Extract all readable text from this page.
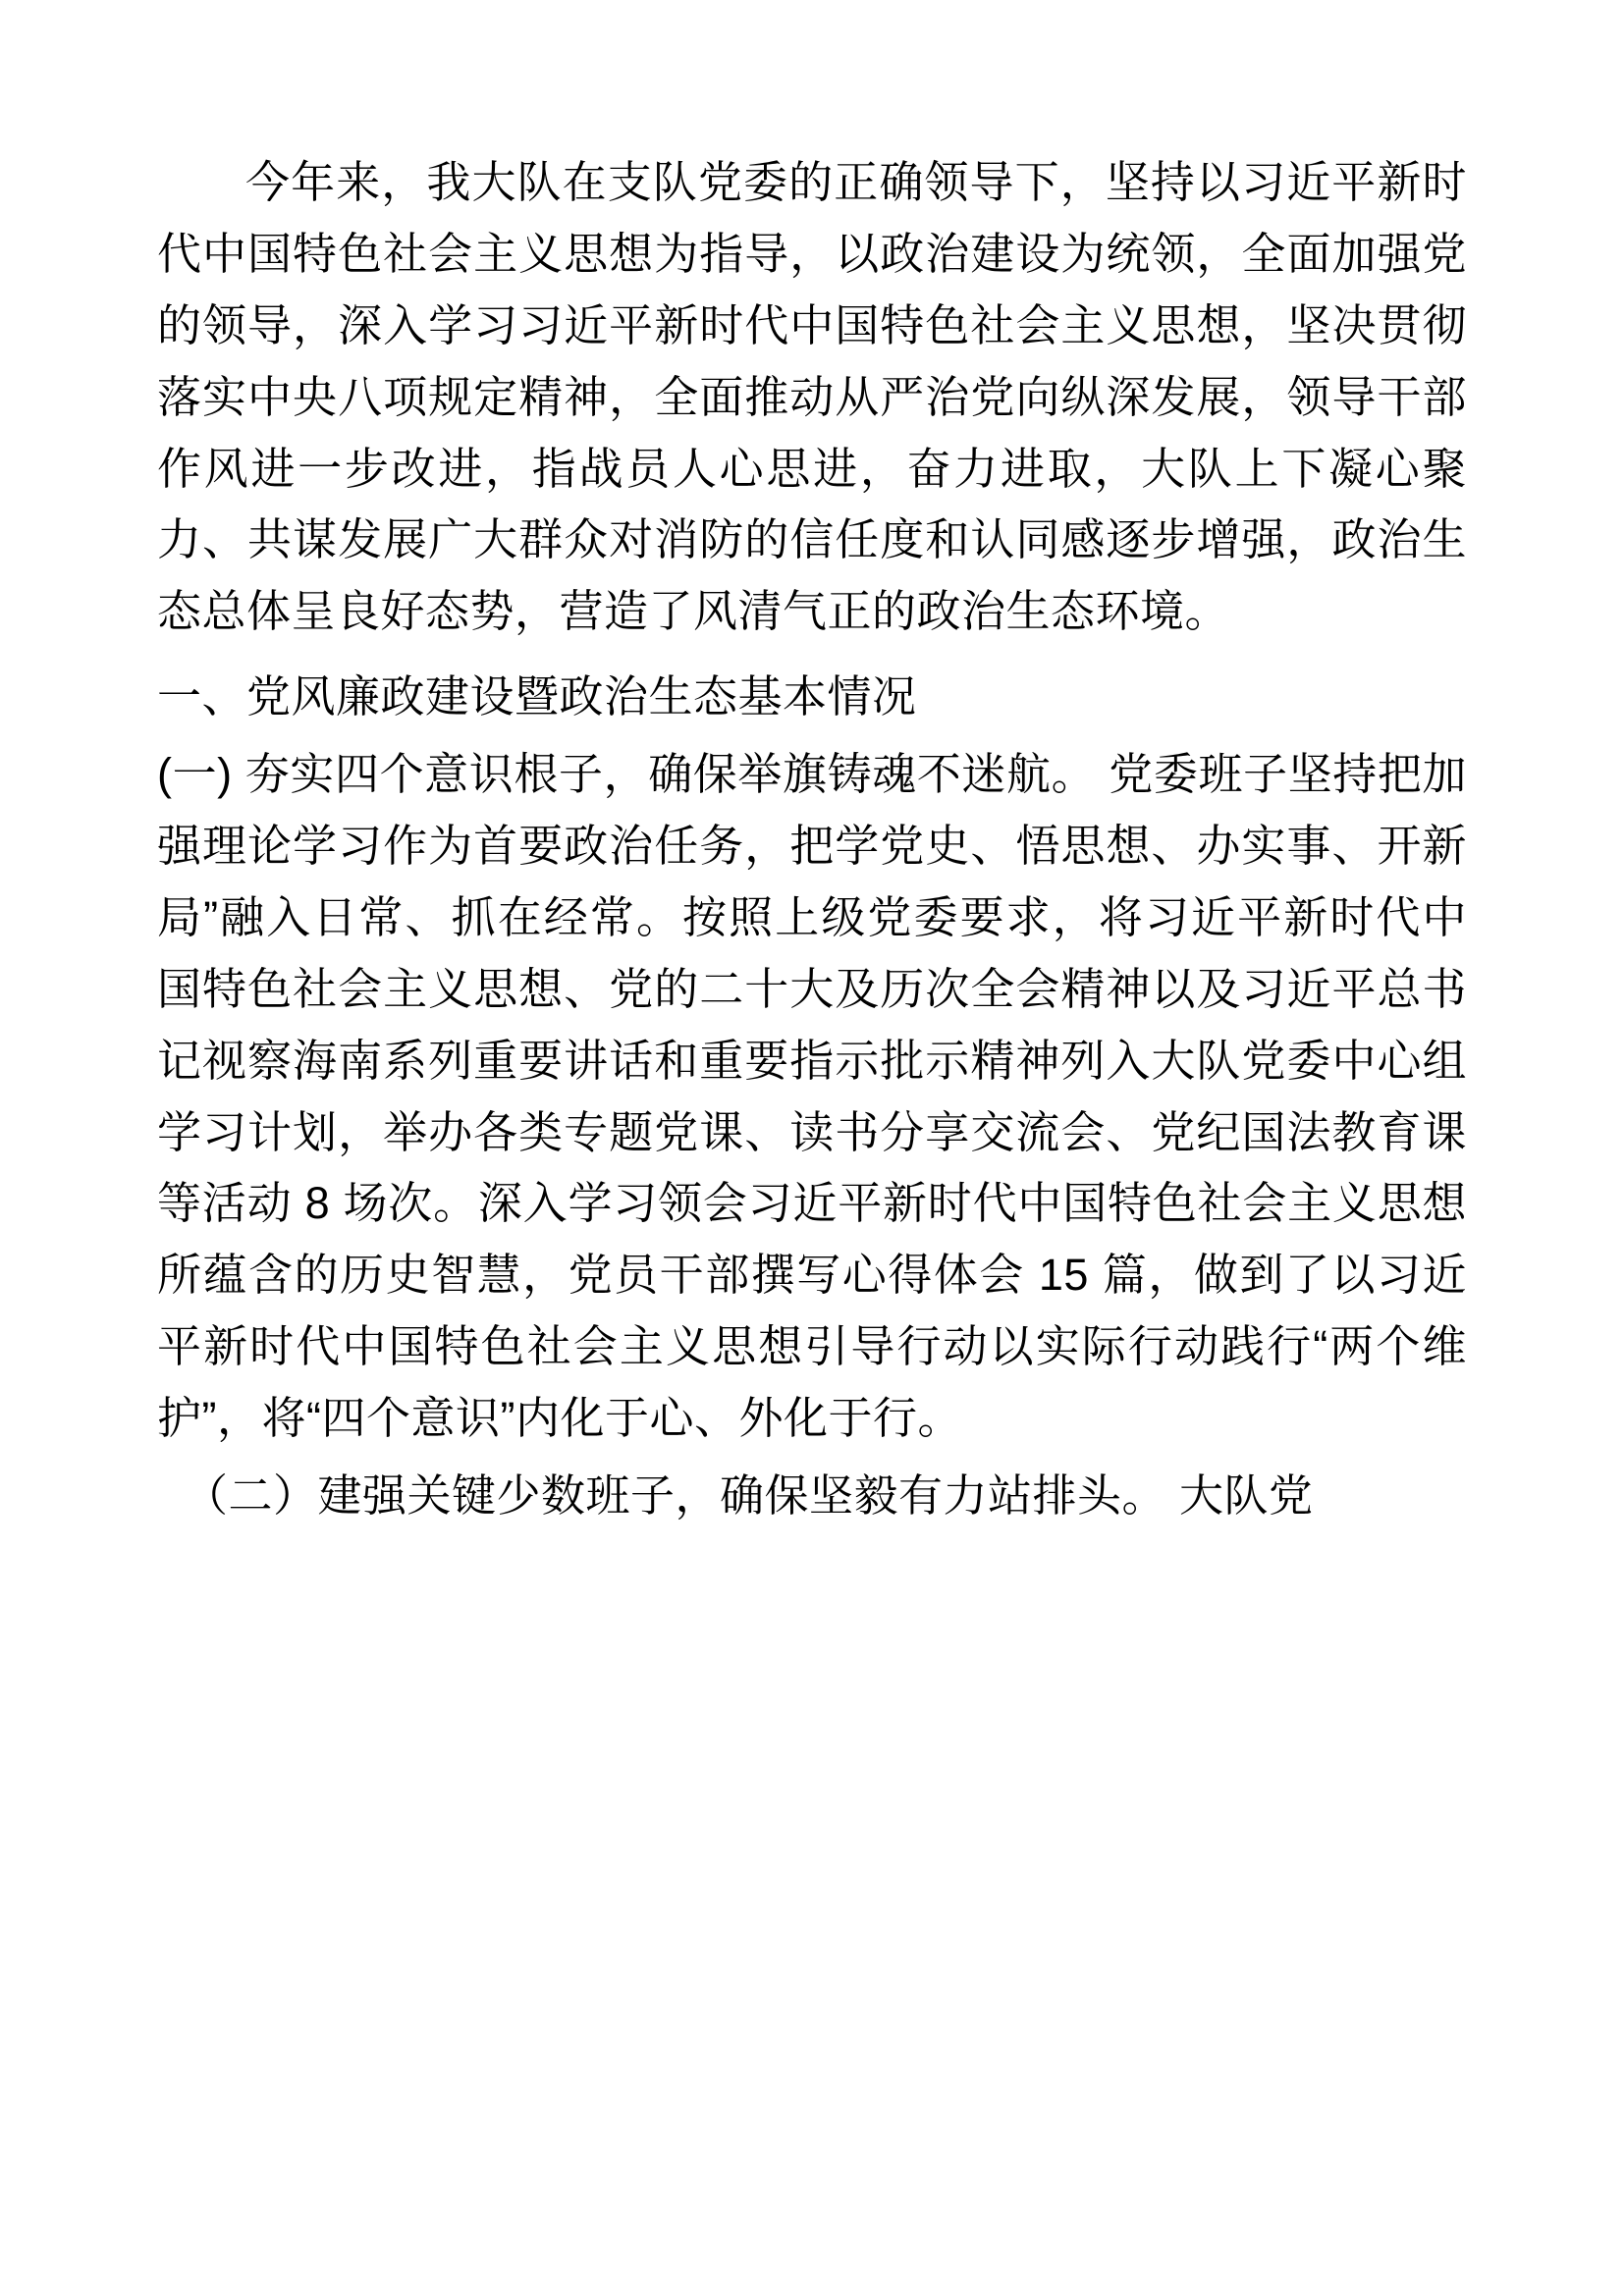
今年来，我大队在支队党委的正确领导下，坚持以习近平新时代中国特色社会主义思想为指导，以政治建设为统领，全面加强党的领导，深入学习习近平新时代中国特色社会主义思想，坚决贯彻落实中央八项规定精神，全面推动从严治党向纵深发展，领导干部作风进一步改进，指战员人心思进，奋力进取，大队上下凝心聚力、共谋发展广大群众对消防的信任度和认同感逐步增强，政治生态总体呈良好态势，营造了风清气正的政治生态环境。

一、党风廉政建设暨政治生态基本情况

(一) 夯实四个意识根子，确保举旗铸魂不迷航。 党委班子坚持把加强理论学习作为首要政治任务，把学党史、悟思想、办实事、开新局”融入日常、抓在经常。按照上级党委要求，将习近平新时代中国特色社会主义思想、党的二十大及历次全会精神以及习近平总书记视察海南系列重要讲话和重要指示批示精神列入大队党委中心组学习计划，举办各类专题党课、读书分享交流会、党纪国法教育课等活动 8 场次。深入学习领会习近平新时代中国特色社会主义思想所蕴含的历史智慧，党员干部撰写心得体会 15 篇，做到了以习近平新时代中国特色社会主义思想引导行动以实际行动践行“两个维护”，将“四个意识”内化于心、外化于行。

（二）建强关键少数班子，确保坚毅有力站排头。 大队党
